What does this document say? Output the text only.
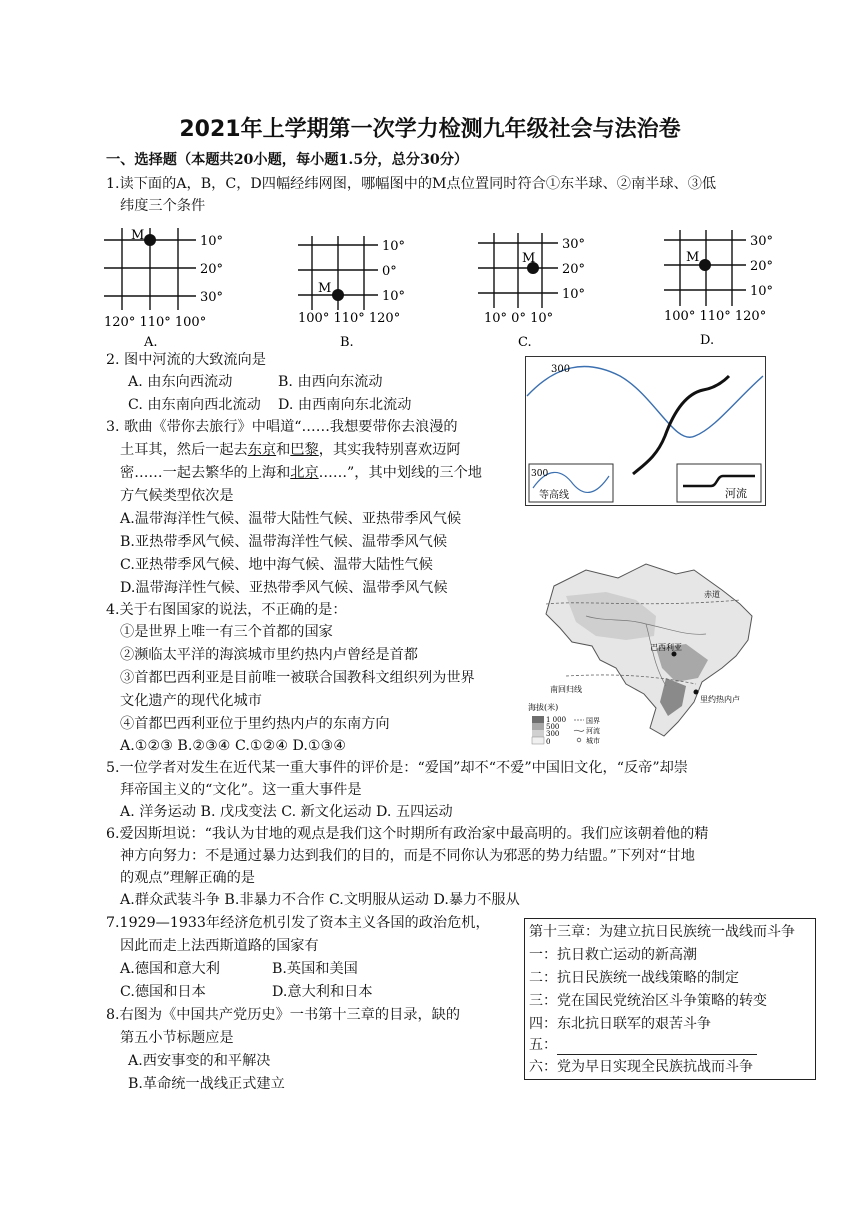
2021年上学期第一次学力检测九年级社会与法治卷
一、选择题（本题共20小题，每小题1.5分，总分30分）
1.读下面的A，B，C，D四幅经纬网图，哪幅图中的M点位置同时符合①东半球、②南半球、③低
纬度三个条件
M	10°
20°
30°
120° 110° 100°
A.
M
10°
0°
10°
100° 110° 120°
B.
M
30°
20°
10°
10° 0° 10°
C.
M
30°
20°
10°
100° 110° 120°
D.
2. 图中河流的大致流向是
A. 由东向西流动	B. 由西向东流动
C. 由东南向西北流动 D. 由西南向东北流动
300
300
等高线	河流
3. 歌曲《带你去旅行》中唱道“……我想要带你去浪漫的
土耳其，然后一起去东京和巴黎，其实我特别喜欢迈阿
密……一起去繁华的上海和北京……”，其中划线的三个地
方气候类型依次是
A.温带海洋性气候、温带大陆性气候、亚热带季风气候
B.亚热带季风气候、温带海洋性气候、温带季风气候
C.亚热带季风气候、地中海气候、温带大陆性气候
D.温带海洋性气候、亚热带季风气候、温带季风气候	赤道
南回归线
巴西利亚
里约热内卢
海拔(米)
1 000
500
300
0
国界
河流
城市
4.关于右图国家的说法，不正确的是：
①是世界上唯一有三个首都的国家
②濒临太平洋的海滨城市里约热内卢曾经是首都
③首都巴西利亚是目前唯一被联合国教科文组织列为世界
文化遗产的现代化城市
④首都巴西利亚位于里约热内卢的东南方向
A.①②③ B.②③④ C.①②④ D.①③④
5.一位学者对发生在近代某一重大事件的评价是：“爱国”却不“不爱”中国旧文化，“反帝”却崇
拜帝国主义的“文化”。这一重大事件是
A. 洋务运动 B. 戊戌变法 C. 新文化运动 D. 五四运动
6.爱因斯坦说：“我认为甘地的观点是我们这个时期所有政治家中最高明的。我们应该朝着他的精
神方向努力：不是通过暴力达到我们的目的，而是不同你认为邪恶的势力结盟。”下列对“甘地
的观点”理解正确的是
A.群众武装斗争 B.非暴力不合作 C.文明服从运动 D.暴力不服从
7.1929—1933年经济危机引发了资本主义各国的政治危机，
因此而走上法西斯道路的国家有
A.德国和意大利	B.英国和美国
C.德国和日本	D.意大利和日本
8.右图为《中国共产党历史》一书第十三章的目录，缺的
第五小节标题应是
A.西安事变的和平解决
B.革命统一战线正式建立
第十三章：为建立抗日民族统一战线而斗争
一：抗日救亡运动的新高潮
二：抗日民族统一战线策略的制定
三：党在国民党统治区斗争策略的转变
四：东北抗日联军的艰苦斗争
五：
六：党为早日实现全民族抗战而斗争
